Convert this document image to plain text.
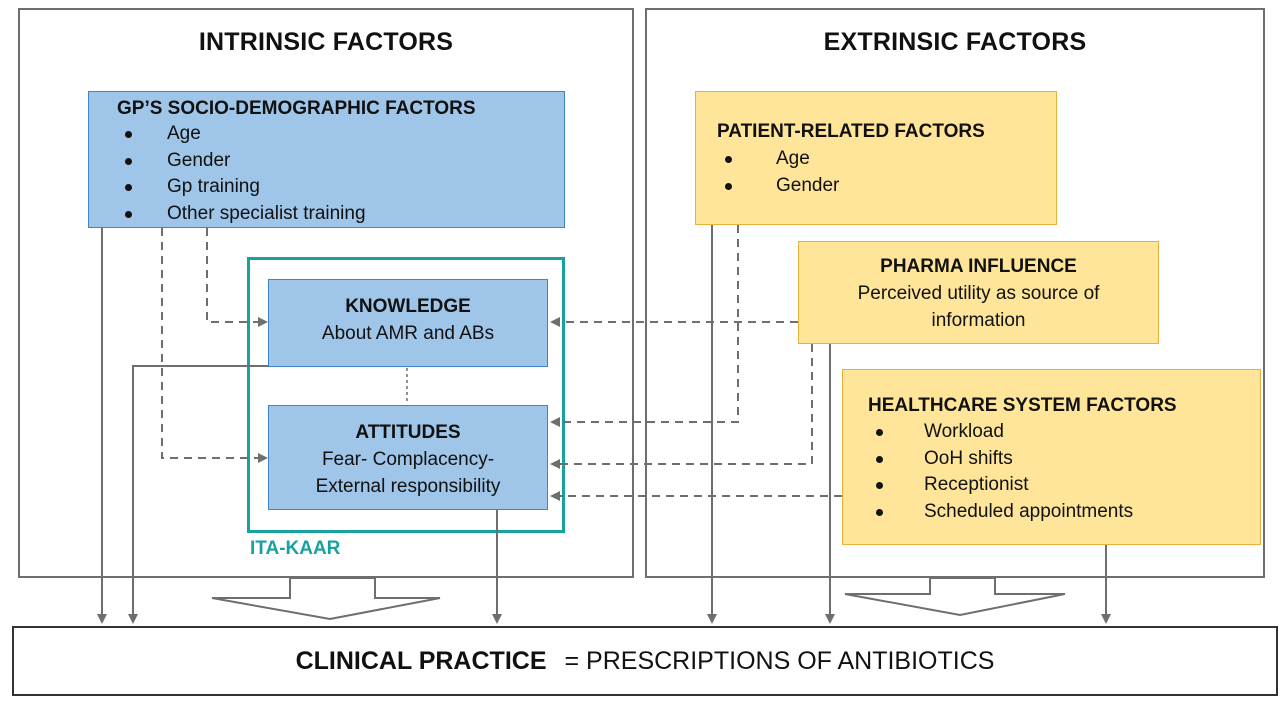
INTRINSIC FACTORS	EXTRINSIC FACTORS
GP’S SOCIO-DEMOGRAPHIC FACTORS
Age
Gender
Gp training
Other specialist training
ITA-KAAR
KNOWLEDGE
About AMR and ABs
ATTITUDES
Fear- Complacency-
External responsibility
PATIENT-RELATED FACTORS
Age
Gender
PHARMA INFLUENCE
Perceived utility as source of
information
HEALTHCARE SYSTEM FACTORS
Workload
OoH shifts
Receptionist
Scheduled appointments
CLINICAL PRACTICE = PRESCRIPTIONS OF ANTIBIOTICS
